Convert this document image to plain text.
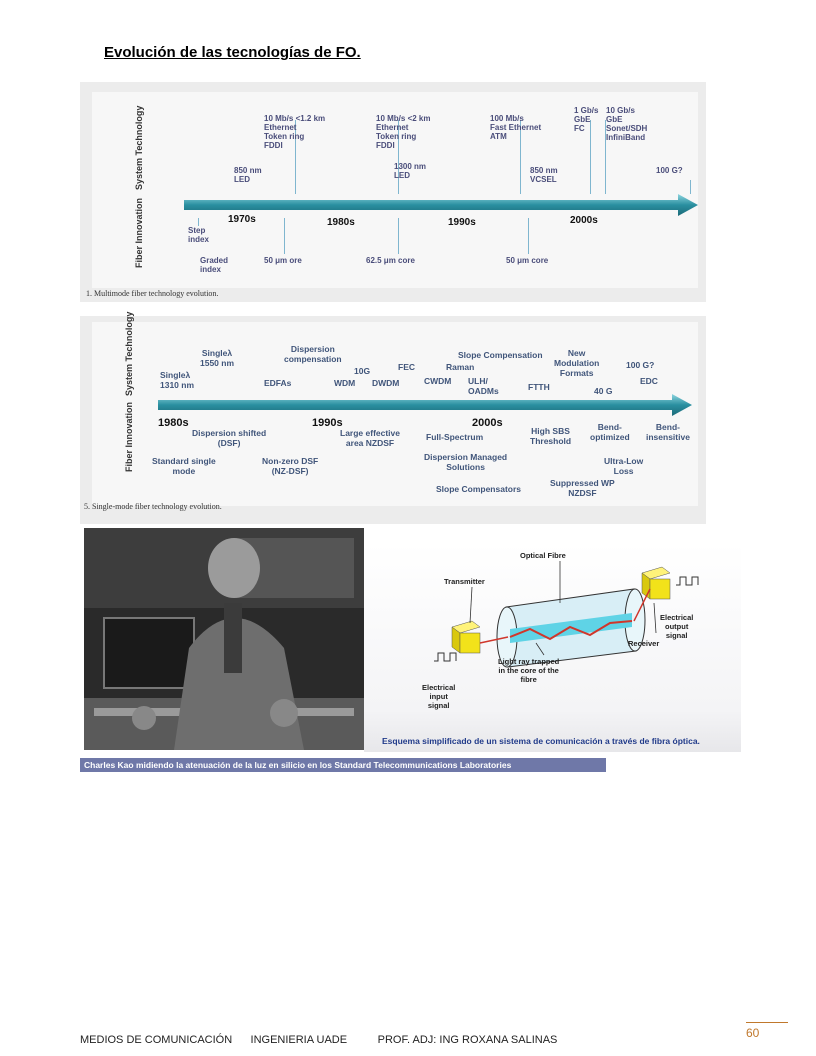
Evolución de las tecnologías de FO.
System Technology
Fiber Innovation
10 Mb/s <1.2 km
Ethernet
Token ring
FDDI
10 Mb/s <2 km
Ethernet
Token ring
FDDI
100 Mb/s
Fast Ethernet
ATM
1 Gb/s
GbE
FC
10 Gb/s
GbE
Sonet/SDH
InfiniBand
850 nm
LED
1300 nm
LED
850 nm
VCSEL
100 G?
1970s	1980s	1990s	2000s
Step
index
Graded
index
50 μm ore	62.5 μm core	50 μm core
1. Multimode fiber technology evolution.
System Technology
Fiber Innovation
Singleλ
1550 nm
Dispersion
compensation	Slope Compensation	New
Modulation
Formats
100 G?
Singleλ
1310 nm
10G	FEC	Raman
EDFAs	WDM DWDM	CWDM ULH/
OADMs	FTTH
EDC
40 G
1980s	1990s	2000s
Dispersion shifted
(DSF)
Large effective
area NZDSF
Full-Spectrum
High SBS
Threshold
Bend-
optimized
Bend-
insensitive
Standard single
mode
Non-zero DSF
(NZ-DSF)
Dispersion Managed
Solutions
Ultra-Low
Loss
Slope Compensators
Suppressed WP
NZDSF
5. Single-mode fiber technology evolution.
Optical Fibre
Transmitter
Electrical
output
signal
Receiver
Light ray trapped
in the core of the
fibre
Electrical
input
signal
Esquema simplificado de un sistema de comunicación a través de fibra óptica.
Charles Kao midiendo la atenuación de la luz en silicio en los Standard Telecommunications Laboratories
60
MEDIOS DE COMUNICACIÓN      INGENIERIA UADE          PROF. ADJ: ING ROXANA SALINAS
